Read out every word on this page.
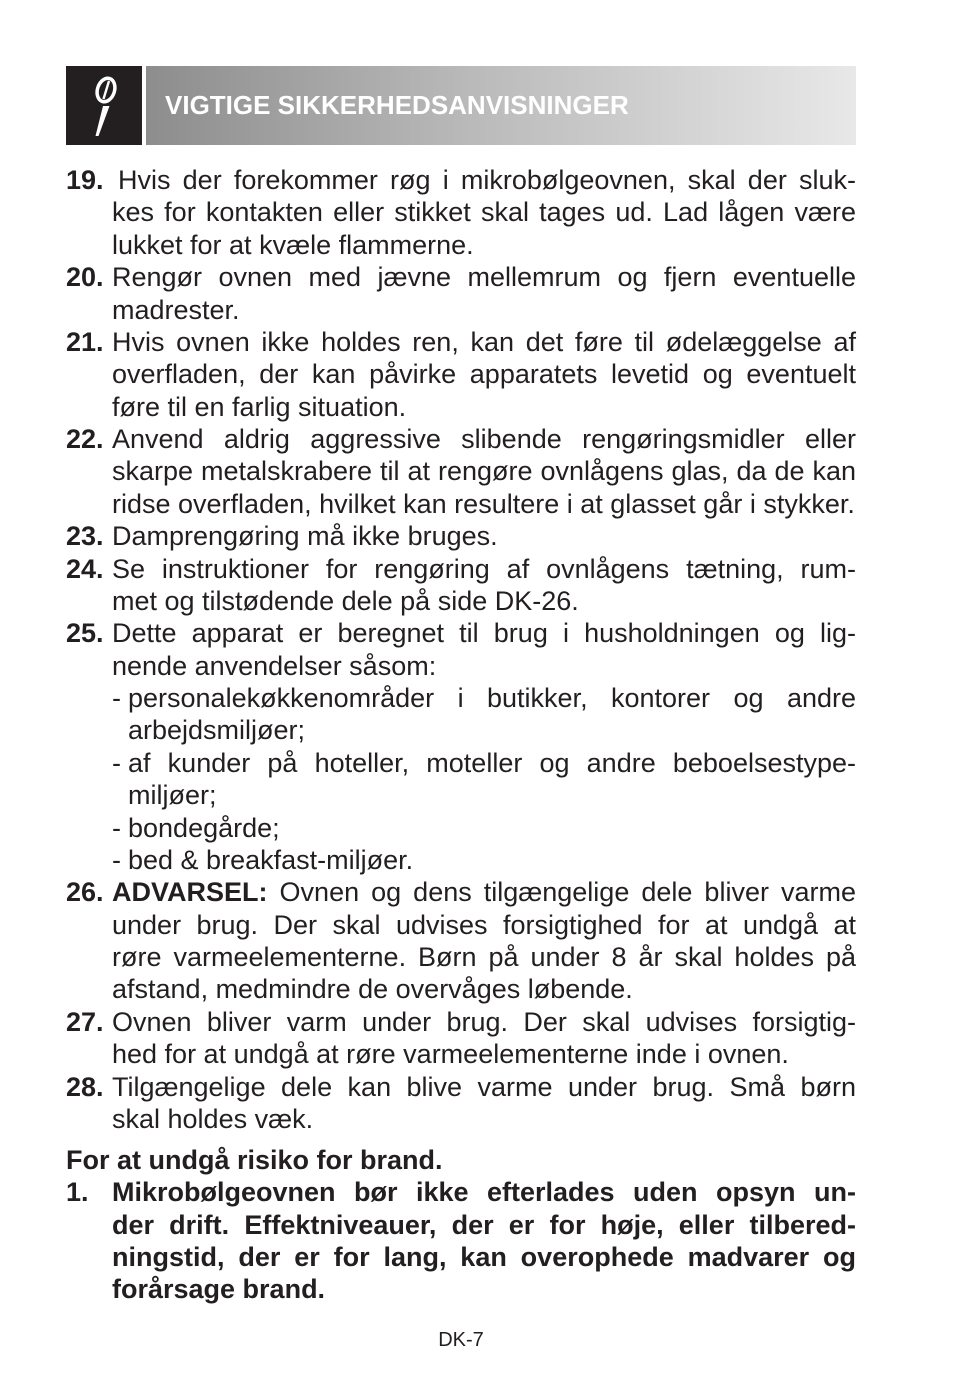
VIGTIGE SIKKERHEDSANVISNINGER
19. Hvis der forekommer røg i mikrobølgeovnen, skal der sluk-
kes for kontakten eller stikket skal tages ud. Lad lågen være
lukket for at kvæle flammerne.
20. Rengør ovnen med jævne mellemrum og fjern eventuelle
madrester.
21. Hvis ovnen ikke holdes ren, kan det føre til ødelæggelse af
overfladen, der kan påvirke apparatets levetid og eventuelt
føre til en farlig situation.
22. Anvend aldrig aggressive slibende rengøringsmidler eller
skarpe metalskrabere til at rengøre ovnlågens glas, da de kan
ridse overfladen, hvilket kan resultere i at glasset går i stykker.
23. Damprengøring må ikke bruges.
24. Se instruktioner for rengøring af ovnlågens tætning, rum-
met og tilstødende dele på side DK-26.
25. Dette apparat er beregnet til brug i husholdningen og lig-
nende anvendelser såsom:
- personalekøkkenområder i butikker, kontorer og andre
arbejdsmiljøer;
- af kunder på hoteller, moteller og andre beboelsestype-
miljøer;
- bondegårde;
- bed & breakfast-miljøer.
26. ADVARSEL: Ovnen og dens tilgængelige dele bliver varme
under brug. Der skal udvises forsigtighed for at undgå at
røre varmeelementerne. Børn på under 8 år skal holdes på
afstand, medmindre de overvåges løbende.
27. Ovnen bliver varm under brug. Der skal udvises forsigtig-
hed for at undgå at røre varmeelementerne inde i ovnen.
28. Tilgængelige dele kan blive varme under brug. Små børn
skal holdes væk.
For at undgå risiko for brand.
1. Mikrobølgeovnen bør ikke efterlades uden opsyn un-
der drift. Effektniveauer, der er for høje, eller tilbered-
ningstid, der er for lang, kan overophede madvarer og
forårsage brand.
DK-7
